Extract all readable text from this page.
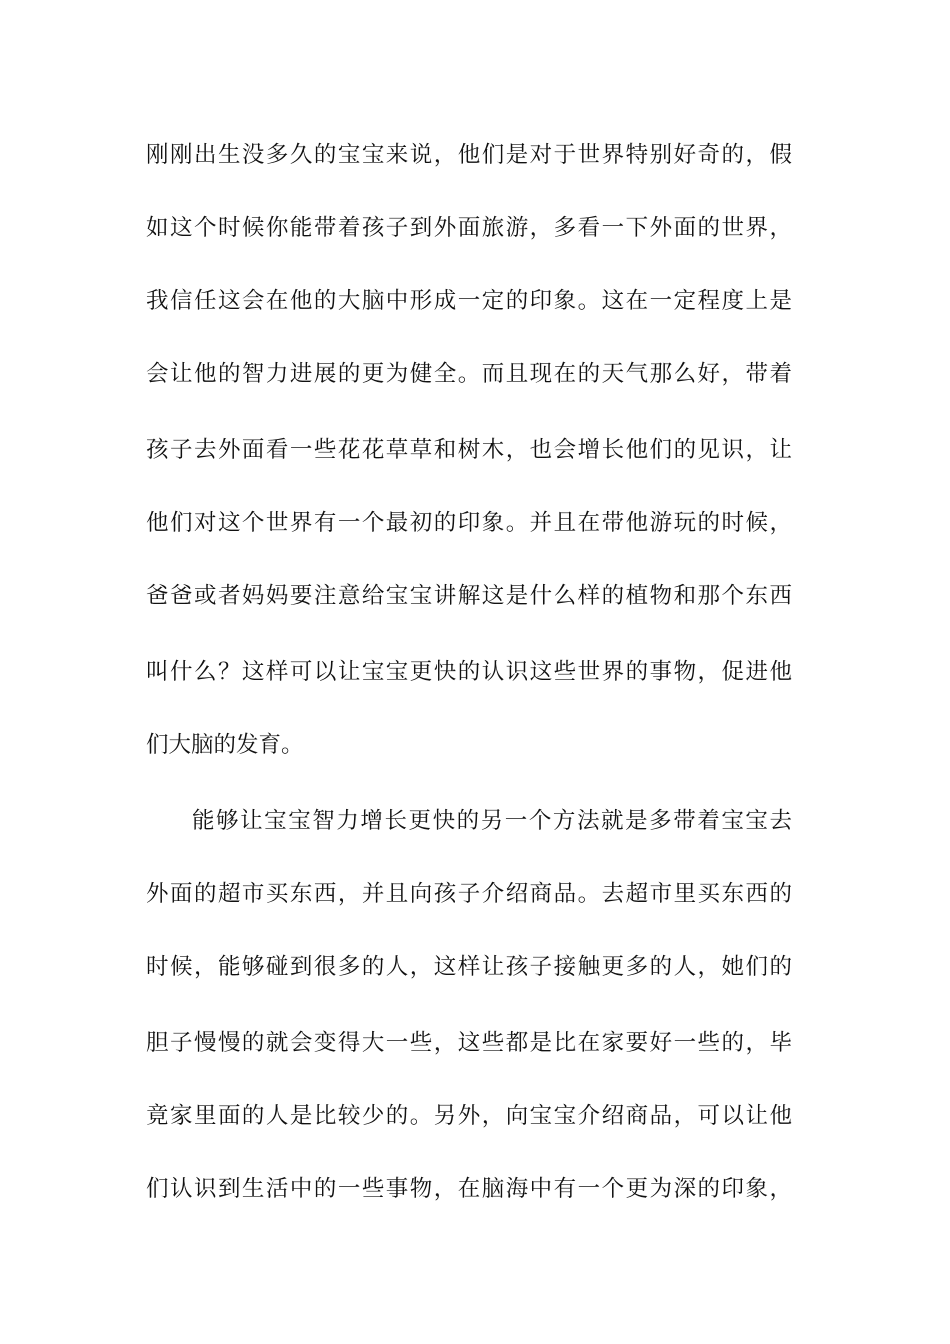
刚刚出生没多久的宝宝来说，他们是对于世界特别好奇的，假
如这个时候你能带着孩子到外面旅游，多看一下外面的世界，
我信任这会在他的大脑中形成一定的印象。这在一定程度上是
会让他的智力进展的更为健全。而且现在的天气那么好，带着
孩子去外面看一些花花草草和树木，也会增长他们的见识，让
他们对这个世界有一个最初的印象。并且在带他游玩的时候，
爸爸或者妈妈要注意给宝宝讲解这是什么样的植物和那个东西
叫什么？这样可以让宝宝更快的认识这些世界的事物，促进他
们大脑的发育。
能够让宝宝智力增长更快的另一个方法就是多带着宝宝去
外面的超市买东西，并且向孩子介绍商品。去超市里买东西的
时候，能够碰到很多的人，这样让孩子接触更多的人，她们的
胆子慢慢的就会变得大一些，这些都是比在家要好一些的，毕
竟家里面的人是比较少的。另外，向宝宝介绍商品，可以让他
们认识到生活中的一些事物，在脑海中有一个更为深的印象，
